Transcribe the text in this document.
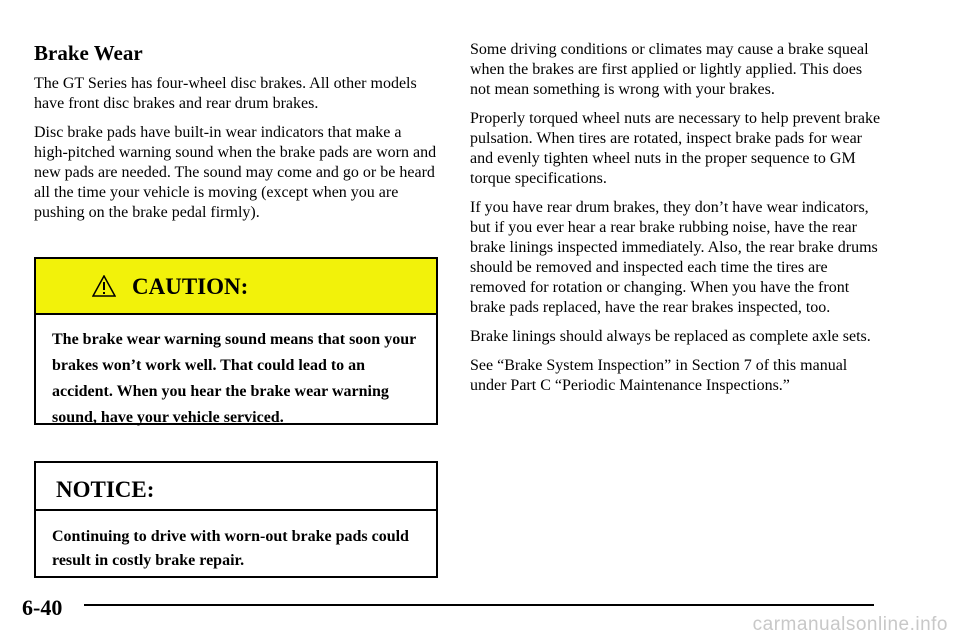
Brake Wear

The GT Series has four‑wheel disc brakes. All other models have front disc brakes and rear drum brakes.

Disc brake pads have built‑in wear indicators that make a high‑pitched warning sound when the brake pads are worn and new pads are needed. The sound may come and go or be heard all the time your vehicle is moving (except when you are pushing on the brake pedal firmly).

CAUTION:
The brake wear warning sound means that soon your brakes won’t work well. That could lead to an accident. When you hear the brake wear warning sound, have your vehicle serviced.
NOTICE:
Continuing to drive with worn‑out brake pads could result in costly brake repair.

Some driving conditions or climates may cause a brake squeal when the brakes are first applied or lightly applied. This does not mean something is wrong with your brakes.

Properly torqued wheel nuts are necessary to help prevent brake pulsation. When tires are rotated, inspect brake pads for wear and evenly tighten wheel nuts in the proper sequence to GM torque specifications.

If you have rear drum brakes, they don’t have wear indicators, but if you ever hear a rear brake rubbing noise, have the rear brake linings inspected immediately. Also, the rear brake drums should be removed and inspected each time the tires are removed for rotation or changing. When you have the front brake pads replaced, have the rear brakes inspected, too.

Brake linings should always be replaced as complete axle sets.

See “Brake System Inspection” in Section 7 of this manual under Part C “Periodic Maintenance Inspections.”

6-40
carmanualsonline.info
